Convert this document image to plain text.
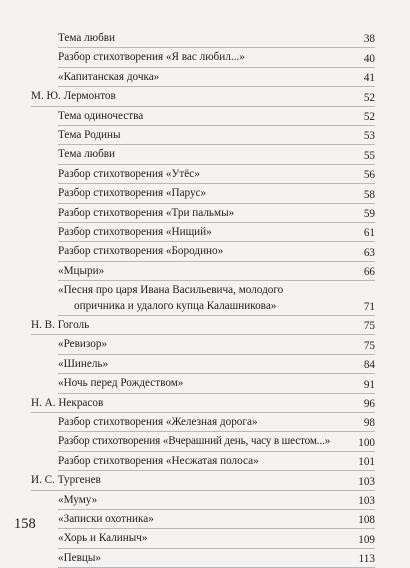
Тема любви	38
Разбор стихотворения «Я вас любил...»	40
«Капитанская дочка»	41
М. Ю. Лермонтов	52
Тема одиночества	52
Тема Родины	53
Тема любви	55
Разбор стихотворения «Утёс»	56
Разбор стихотворения «Парус»	58
Разбор стихотворения «Три пальмы»	59
Разбор стихотворения «Нищий»	61
Разбор стихотворения «Бородино»	63
«Мцыри»	66
«Песня про царя Ивана Васильевича, молодого
опричника и удалого купца Калашникова»	71
Н. В. Гоголь	75
«Ревизор»	75
«Шинель»	84
«Ночь перед Рождеством»	91
Н. А. Некрасов	96
Разбор стихотворения «Железная дорога»	98
Разбор стихотворения «Вчерашний день, часу в шестом...»	100
Разбор стихотворения «Несжатая полоса»	101
И. С. Тургенев	103
«Муму»	103
«Записки охотника»	108
«Хорь и Калиныч»	109
«Певцы»	113
158
